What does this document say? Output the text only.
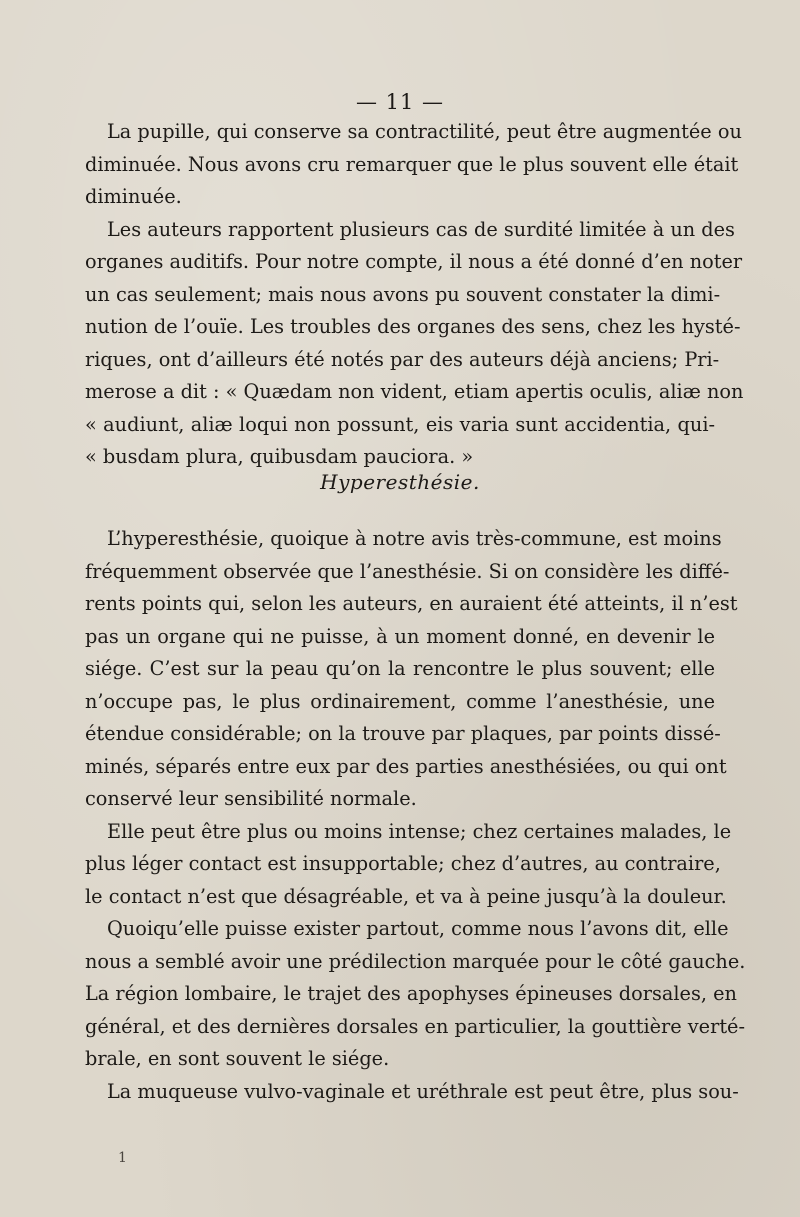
— 11 —
La pupille, qui conserve sa contractilité, peut être augmentée ou
diminuée. Nous avons cru remarquer que le plus souvent elle était
diminuée.
Les auteurs rapportent plusieurs cas de surdité limitée à un des
organes auditifs. Pour notre compte, il nous a été donné d’en noter
un cas seulement; mais nous avons pu souvent constater la dimi-
nution de l’ouïe. Les troubles des organes des sens, chez les hysté-
riques, ont d’ailleurs été notés par des auteurs déjà anciens; Pri-
merose a dit : « Quædam non vident, etiam apertis oculis, aliæ non
« audiunt, aliæ loqui non possunt, eis varia sunt accidentia, qui-
« busdam plura, quibusdam pauciora. »
Hyperesthésie.
L’hyperesthésie, quoique à notre avis très-commune, est moins
fréquemment observée que l’anesthésie. Si on considère les diffé-
rents points qui, selon les auteurs, en auraient été atteints, il n’est
pas un organe qui ne puisse, à un moment donné, en devenir le
siége. C’est sur la peau qu’on la rencontre le plus souvent; elle
n’occupe pas, le plus ordinairement, comme l’anesthésie, une
étendue considérable; on la trouve par plaques, par points dissé-
minés, séparés entre eux par des parties anesthésiées, ou qui ont
conservé leur sensibilité normale.
Elle peut être plus ou moins intense; chez certaines malades, le
plus léger contact est insupportable; chez d’autres, au contraire,
le contact n’est que désagréable, et va à peine jusqu’à la douleur.
Quoiqu’elle puisse exister partout, comme nous l’avons dit, elle
nous a semblé avoir une prédilection marquée pour le côté gauche.
La région lombaire, le trajet des apophyses épineuses dorsales, en
général, et des dernières dorsales en particulier, la gouttière verté-
brale, en sont souvent le siége.
La muqueuse vulvo-vaginale et uréthrale est peut être, plus sou-
1
